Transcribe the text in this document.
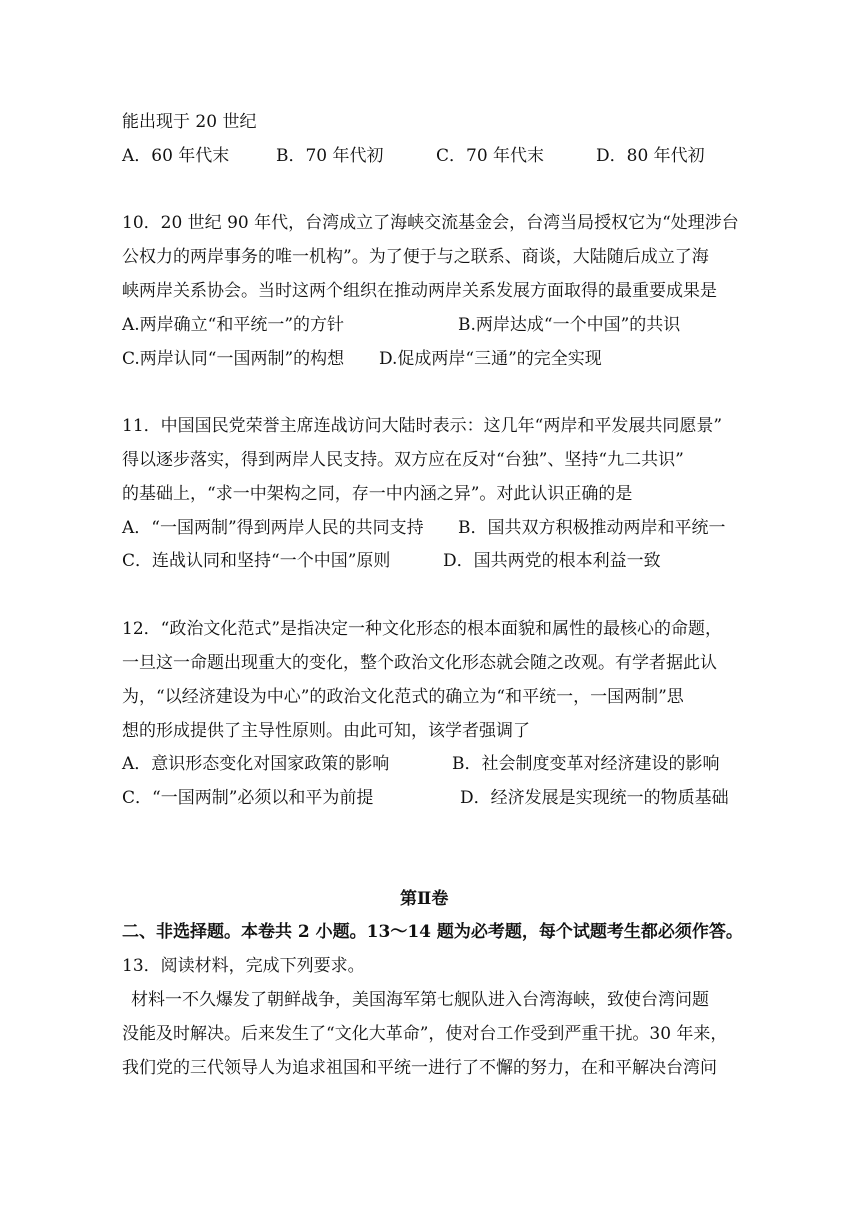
能出现于 20 世纪
A．60 年代末	B．70 年代初	C．70 年代末	D．80 年代初
10．20 世纪 90 年代，台湾成立了海峡交流基金会，台湾当局授权它为“处理涉台
公权力的两岸事务的唯一机构”。为了便于与之联系、商谈，大陆随后成立了海
峡两岸关系协会。当时这两个组织在推动两岸关系发展方面取得的最重要成果是
A.两岸确立“和平统一”的方针	B.两岸达成“一个中国”的共识
C.两岸认同“一国两制”的构想 D.促成两岸“三通”的完全实现
11．中国国民党荣誉主席连战访问大陆时表示：这几年“两岸和平发展共同愿景”
得以逐步落实，得到两岸人民支持。双方应在反对“台独”、坚持“九二共识”
的基础上，“求一中架构之同，存一中内涵之异”。对此认识正确的是
A．“一国两制”得到两岸人民的共同支持 B．国共双方积极推动两岸和平统一
C．连战认同和坚持“一个中国”原则	D．国共两党的根本利益一致
12．“政治文化范式”是指决定一种文化形态的根本面貌和属性的最核心的命题，
一旦这一命题出现重大的变化，整个政治文化形态就会随之改观。有学者据此认
为，“以经济建设为中心”的政治文化范式的确立为“和平统一，一国两制”思
想的形成提供了主导性原则。由此可知，该学者强调了
A．意识形态变化对国家政策的影响	B．社会制度变革对经济建设的影响
C．“一国两制”必须以和平为前提	D．经济发展是实现统一的物质基础
第Ⅱ卷
二、非选择题。本卷共 2 小题。13～14 题为必考题，每个试题考生都必须作答。
13．阅读材料，完成下列要求。
材料一不久爆发了朝鲜战争，美国海军第七舰队进入台湾海峡，致使台湾问题
没能及时解决。后来发生了“文化大革命”，使对台工作受到严重干扰。30 年来，
我们党的三代领导人为追求祖国和平统一进行了不懈的努力，在和平解决台湾问
